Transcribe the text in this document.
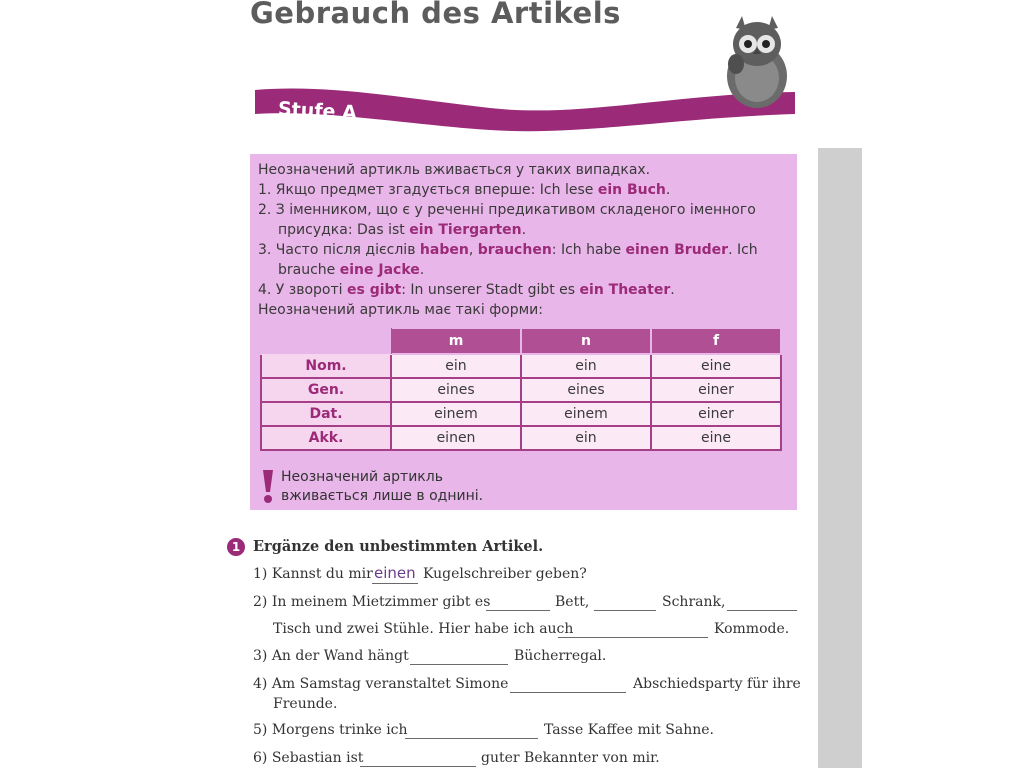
Gebrauch des Artikels
Stufe A
Неозначений артикль вживається у таких випадках.
1. Якщо предмет згадується вперше: Ich lese ein Buch.
2. З іменником, що є у реченні предикативом складеного іменного
присудка: Das ist ein Tiergarten.
3. Часто після дієслів haben, brauchen: Ich habe einen Bruder. Ich
brauche eine Jacke.
4. У звороті es gibt: In unserer Stadt gibt es ein Theater.
Неозначений артикль має такі форми:
	m	n	f
Nom.	ein	ein	eine
Gen.	eines	eines	einer
Dat.	einem	einem	einer
Akk.	einen	ein	eine
Неозначений артикль
вживається лише в однині.
1 Ergänze den unbestimmten Artikel.
1) Kannst du mir einen Kugelschreiber geben?
2) In meinem Mietzimmer gibt es	Bett,	Schrank,
Tisch und zwei Stühle. Hier habe ich auch	Kommode.
3) An der Wand hängt	Bücherregal.
4) Am Samstag veranstaltet Simone	Abschiedsparty für ihre
Freunde.
5) Morgens trinke ich	Tasse Kaffee mit Sahne.
6) Sebastian ist	guter Bekannter von mir.
